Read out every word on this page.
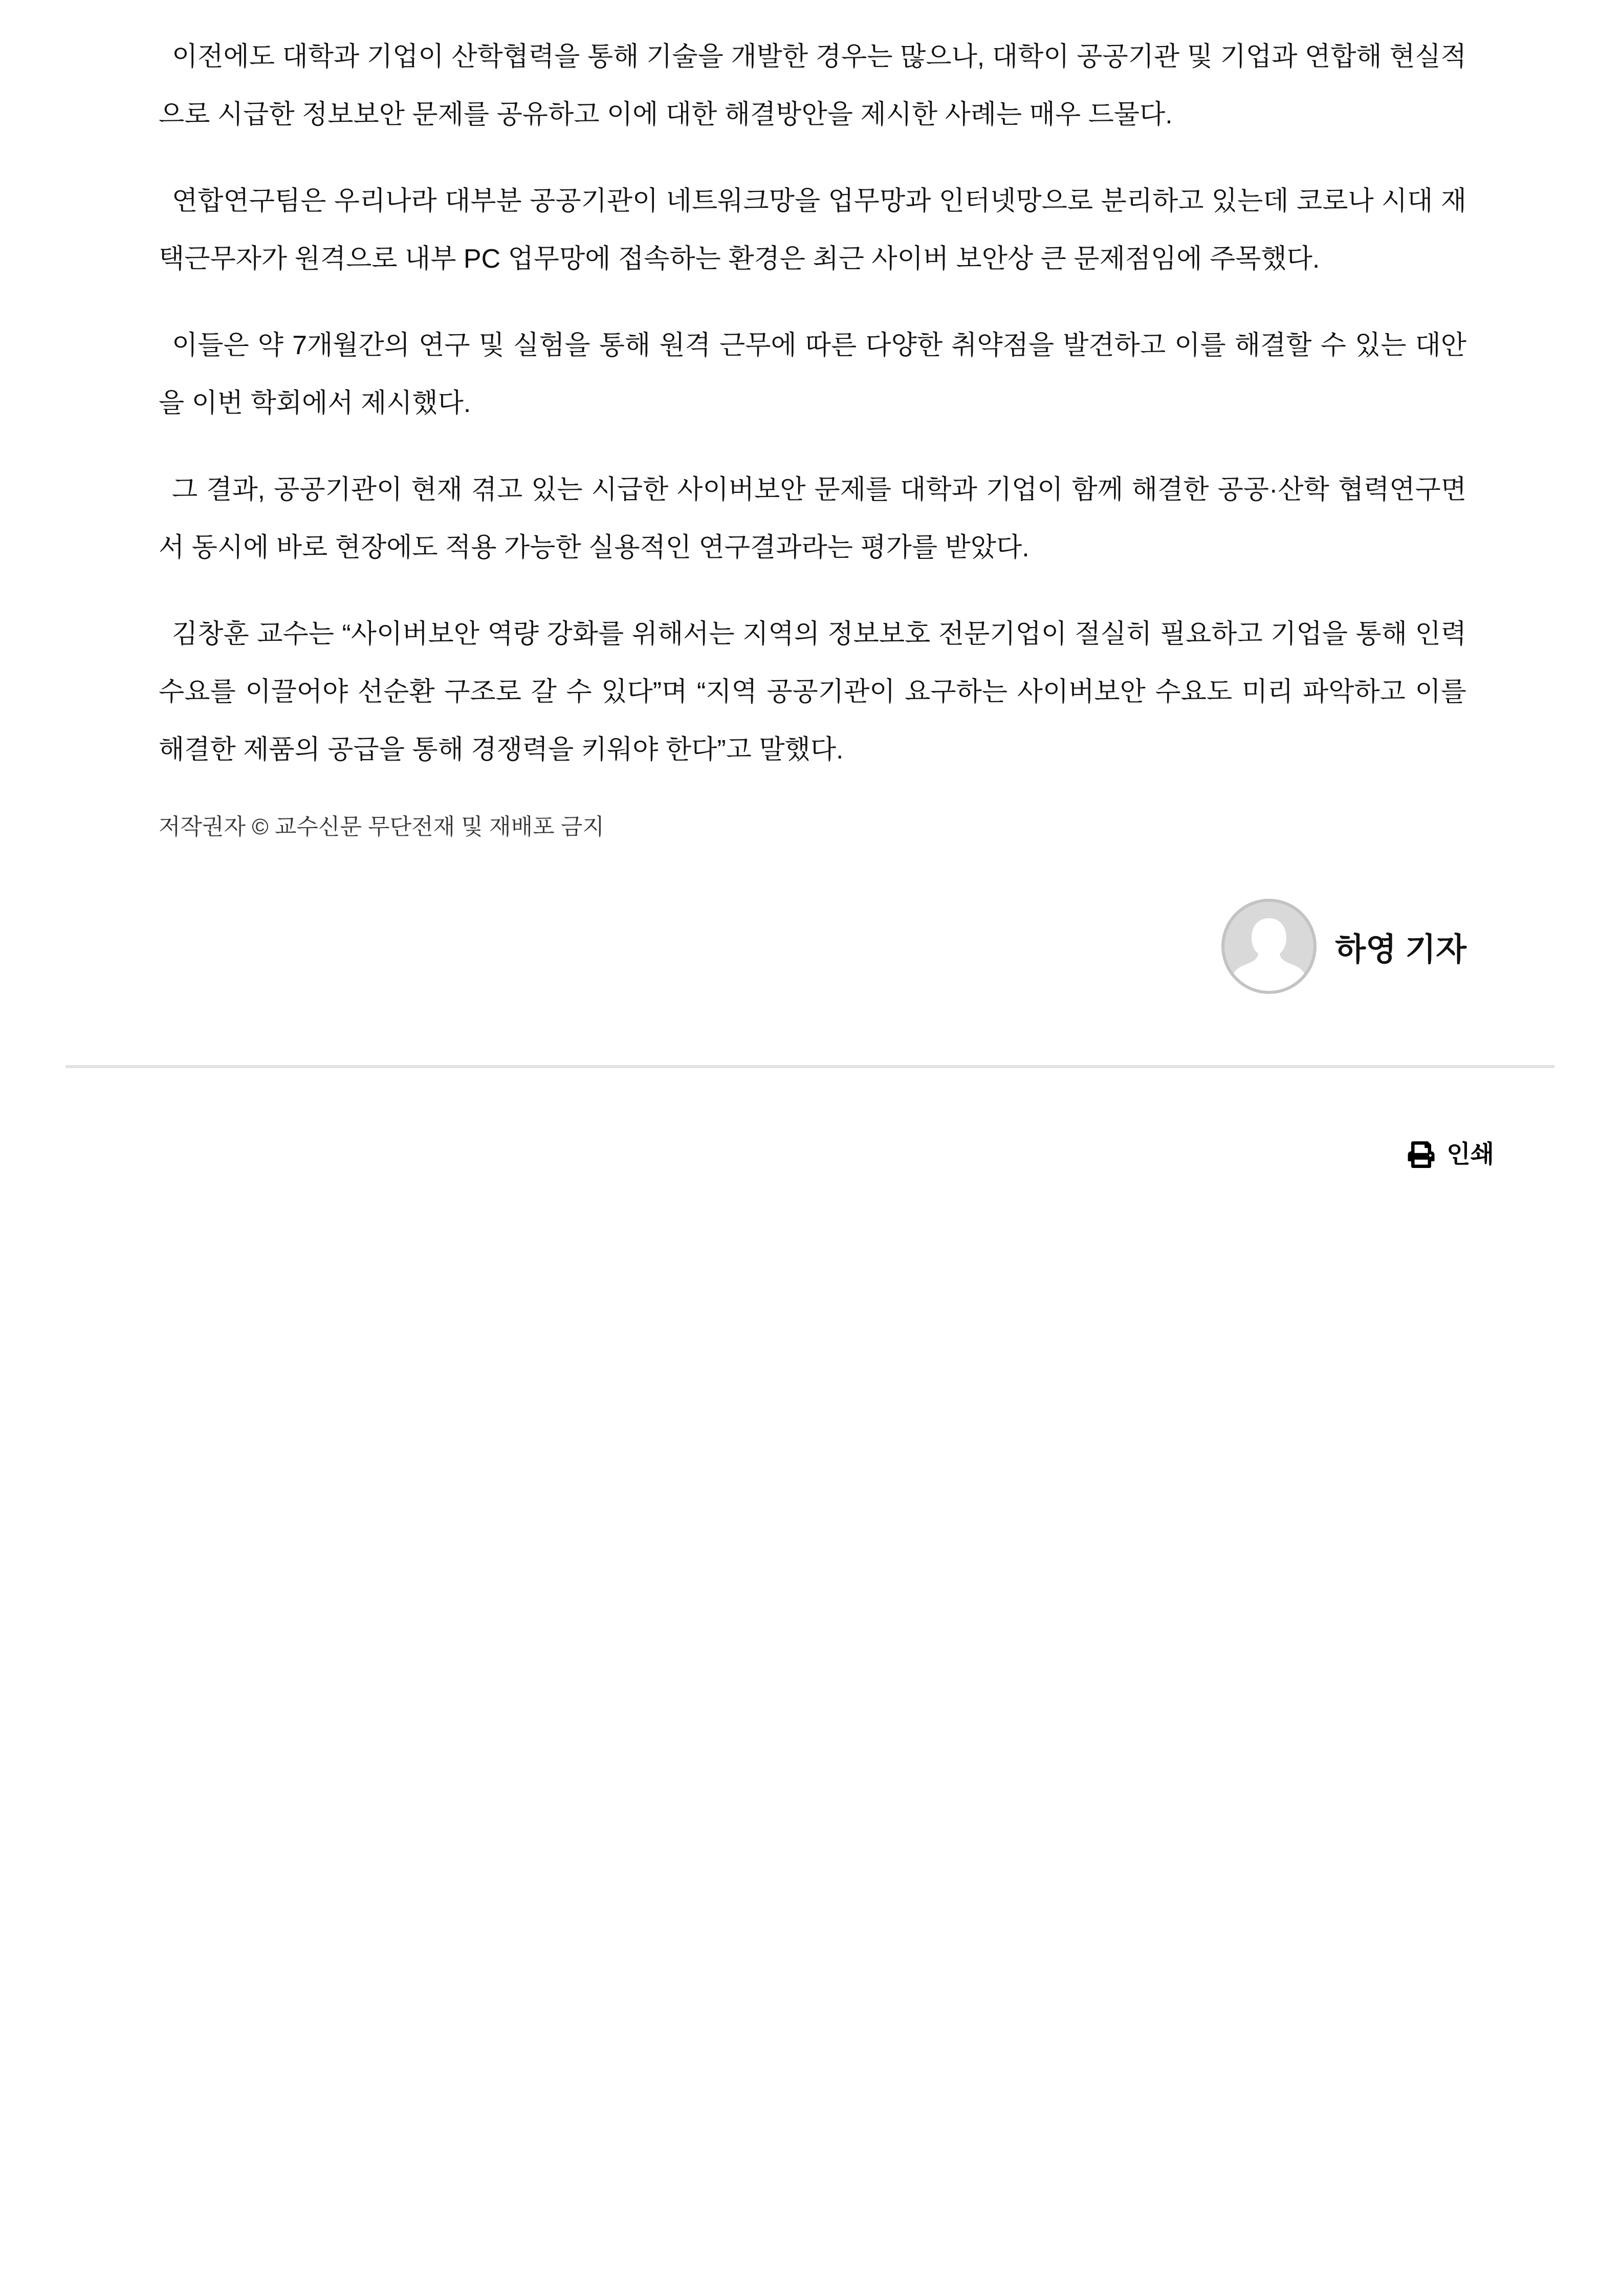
이전에도 대학과 기업이 산학협력을 통해 기술을 개발한 경우는 많으나, 대학이 공공기관 및 기업과 연합해 현실적으로 시급한 정보보안 문제를 공유하고 이에 대한 해결방안을 제시한 사례는 매우 드물다.

연합연구팀은 우리나라 대부분 공공기관이 네트워크망을 업무망과 인터넷망으로 분리하고 있는데 코로나 시대 재택근무자가 원격으로 내부 PC 업무망에 접속하는 환경은 최근 사이버 보안상 큰 문제점임에 주목했다.

이들은 약 7개월간의 연구 및 실험을 통해 원격 근무에 따른 다양한 취약점을 발견하고 이를 해결할 수 있는 대안을 이번 학회에서 제시했다.

그 결과, 공공기관이 현재 겪고 있는 시급한 사이버보안 문제를 대학과 기업이 함께 해결한 공공·산학 협력연구면서 동시에 바로 현장에도 적용 가능한 실용적인 연구결과라는 평가를 받았다.

김창훈 교수는 “사이버보안 역량 강화를 위해서는 지역의 정보보호 전문기업이 절실히 필요하고 기업을 통해 인력 수요를 이끌어야 선순환 구조로 갈 수 있다”며 “지역 공공기관이 요구하는 사이버보안 수요도 미리 파악하고 이를 해결한 제품의 공급을 통해 경쟁력을 키워야 한다”고 말했다.

저작권자 © 교수신문 무단전재 및 재배포 금지
하영 기자
인쇄
